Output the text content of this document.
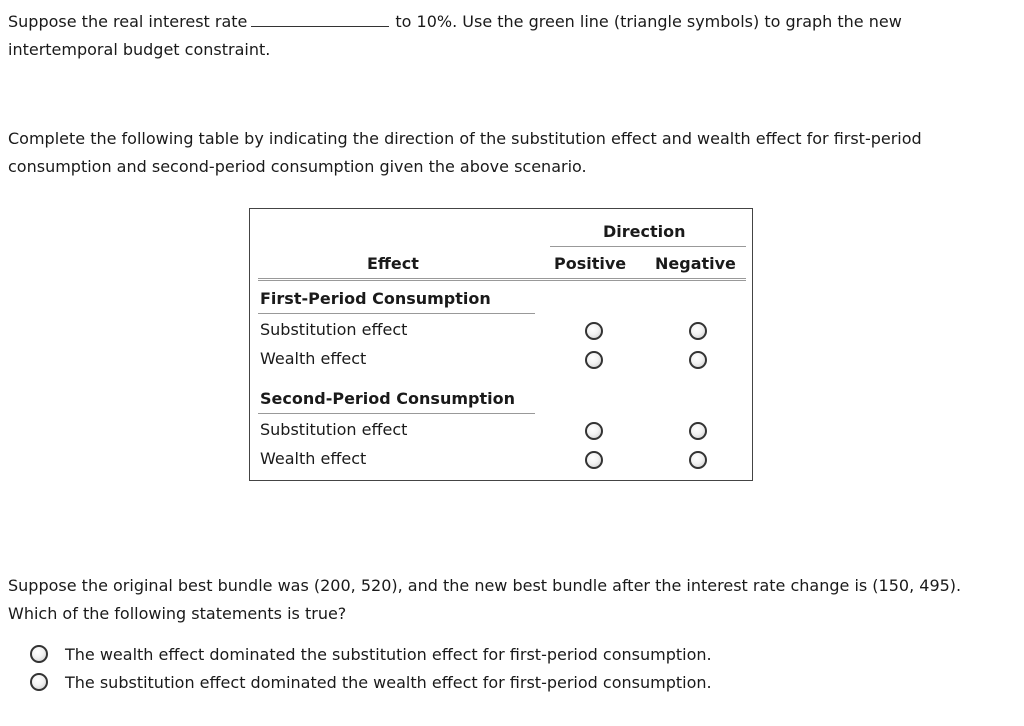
Suppose the real interest rate	to 10%. Use the green line (triangle symbols) to graph the new intertemporal budget constraint.

Complete the following table by indicating the direction of the substitution effect and wealth effect for first-period consumption and second-period consumption given the above scenario.

Direction
Effect	Positive Negative
First-Period Consumption
Substitution effect
Wealth effect
Second-Period Consumption
Substitution effect
Wealth effect

Suppose the original best bundle was (200, 520), and the new best bundle after the interest rate change is (150, 495). Which of the following statements is true?

The wealth effect dominated the substitution effect for first-period consumption.
The substitution effect dominated the wealth effect for first-period consumption.
